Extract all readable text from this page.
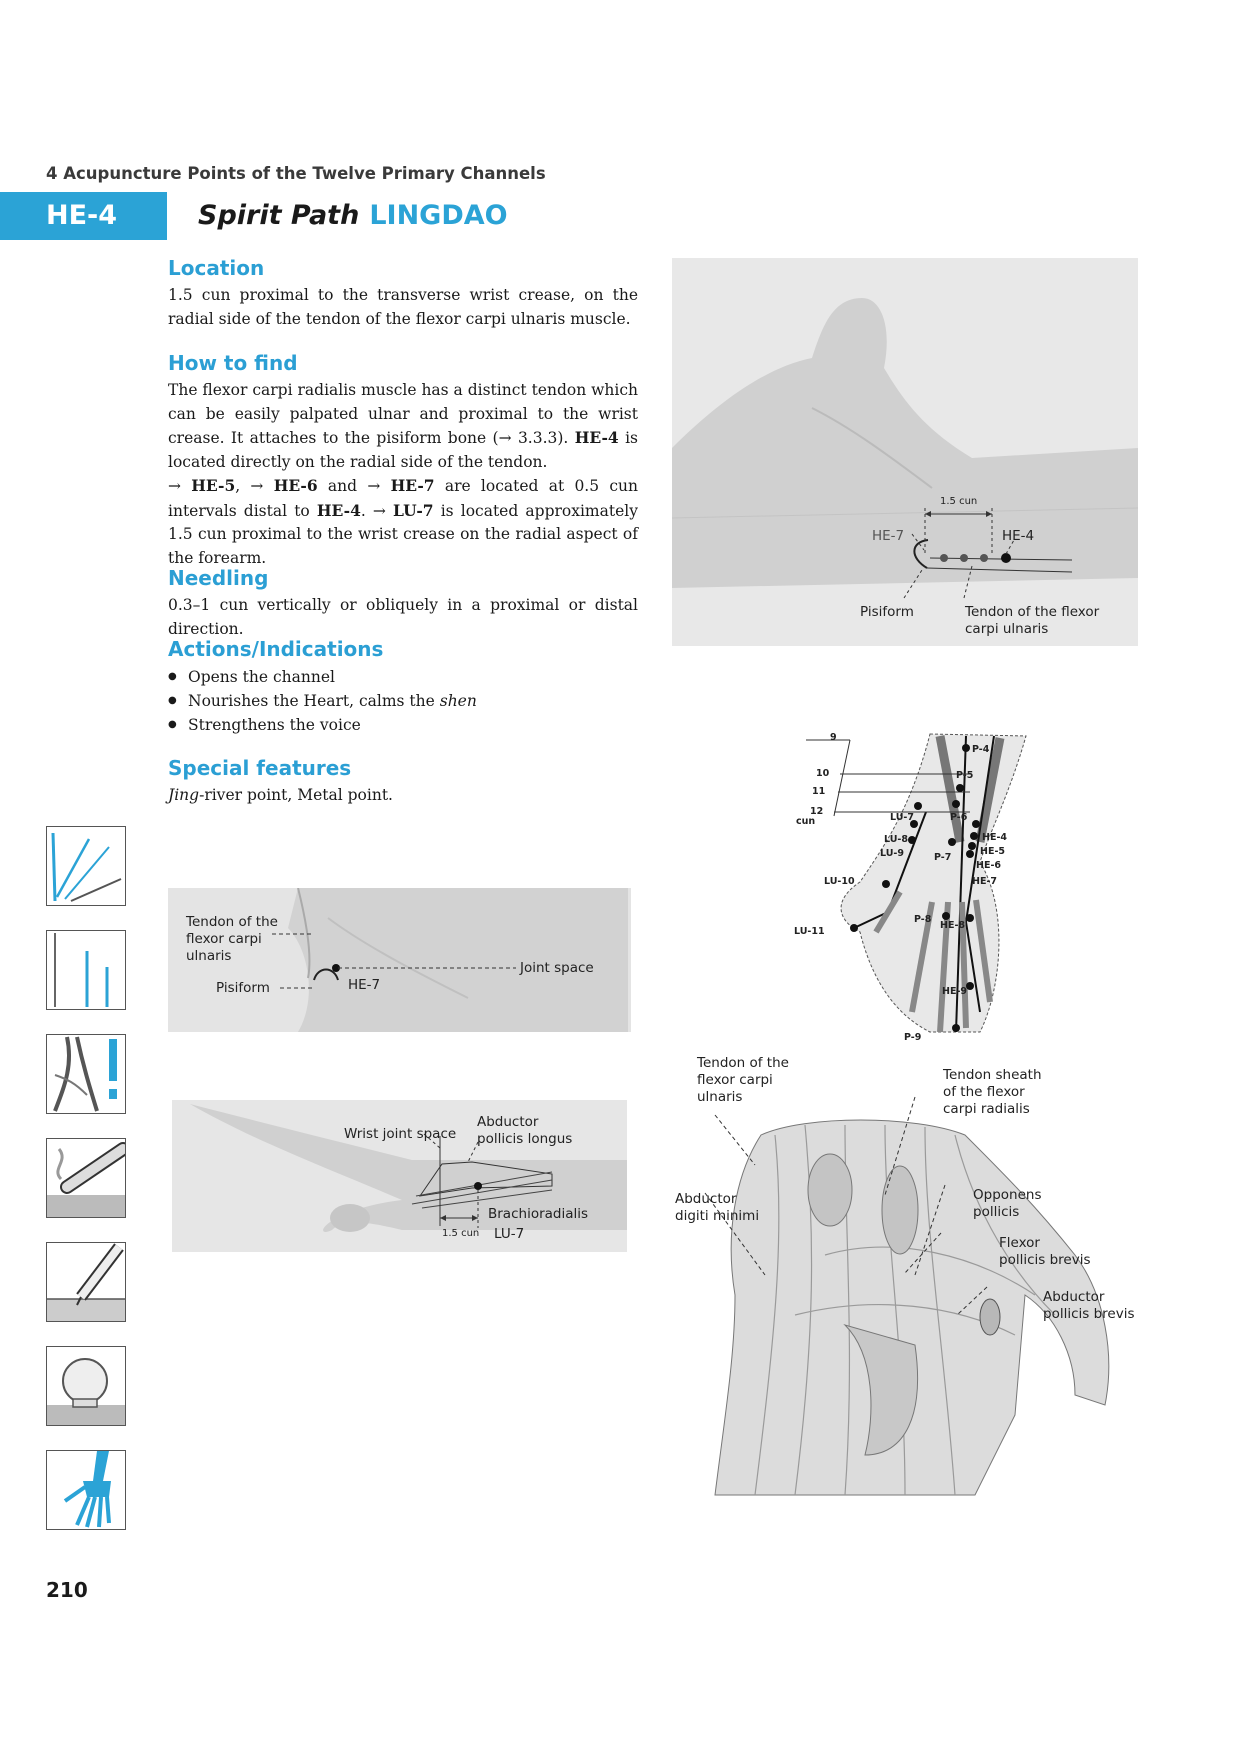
4 Acupuncture Points of the Twelve Primary Channels
HE-4	Spirit Path LINGDAO
Location

1.5 cun proximal to the transverse wrist crease, on the radial side of the tendon of the flexor carpi ulnaris muscle.

How to find

The flexor carpi radialis muscle has a distinct tendon which can be easily palpated ulnar and proximal to the wrist crease. It attaches to the pisiform bone (→ 3.3.3). HE-4 is located directly on the radial side of the tendon.

→ HE-5, → HE-6 and → HE-7 are located at 0.5 cun intervals distal to HE-4. → LU-7 is located approximately 1.5 cun proximal to the wrist crease on the radial aspect of the forearm.

Needling

0.3–1 cun vertically or obliquely in a proximal or distal direction.

Actions/Indications
● Opens the channel
● Nourishes the Heart, calms the shen
● Strengthens the voice
Special features

Jing-river point, Metal point.

210
1.5 cun
HE-7	HE-4
Pisiform	Tendon of the flexor
carpi ulnaris
Tendon of the
flexor carpi
ulnaris
Pisiform	HE-7
Joint space
Wrist joint space
Abductor
pollicis longus
Brachioradialis
1.5 cun LU-7
9
10
11
12
cun
P-4
P-5
LU-7	P-6
LU-8	HE-4
LU-9	HE-5
P-7
HE-6
HE-7
LU-10
P-8
HE-8
LU-11
HE-9
P-9
Tendon of the
flexor carpi
ulnaris
Tendon sheath
of the flexor
carpi radialis
Abductor
digiti minimi
Opponens
pollicis
Flexor
pollicis brevis
Abductor
pollicis brevis
